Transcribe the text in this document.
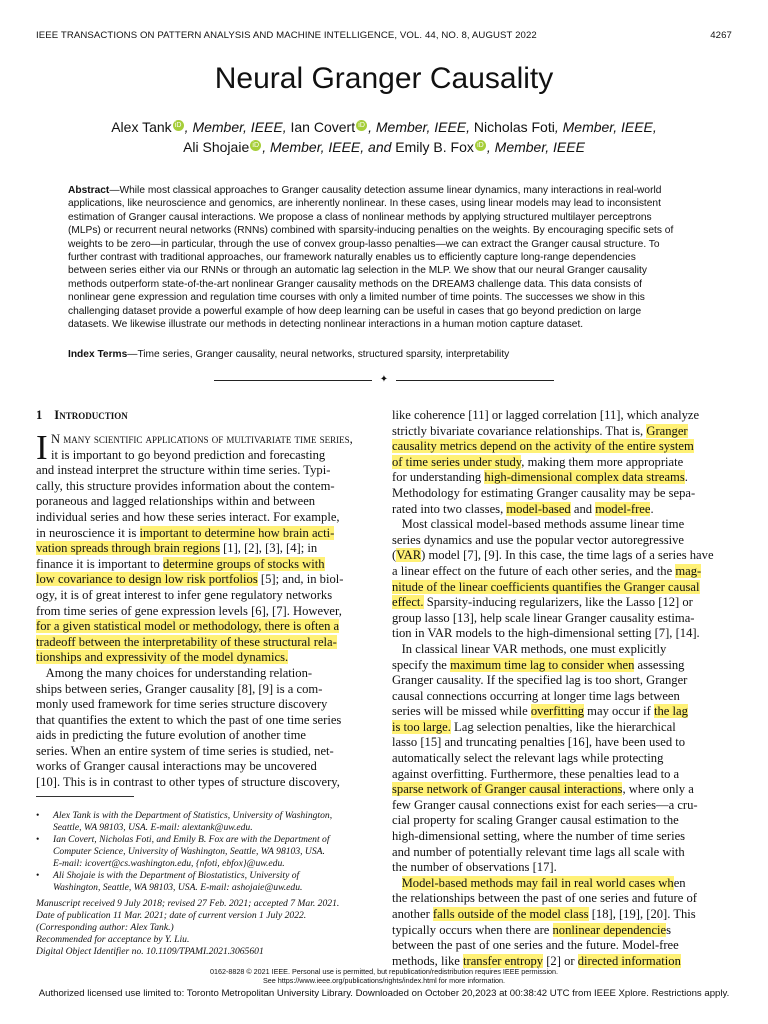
IEEE TRANSACTIONS ON PATTERN ANALYSIS AND MACHINE INTELLIGENCE, VOL. 44, NO. 8, AUGUST 2022	4267
Neural Granger Causality
Alex Tank iD , Member, IEEE, Ian Covert iD , Member, IEEE, Nicholas Foti, Member, IEEE,
Ali Shojaie iD , Member, IEEE, and Emily B. Fox iD , Member, IEEE
Abstract—While most classical approaches to Granger causality detection assume linear dynamics, many interactions in real-world
applications, like neuroscience and genomics, are inherently nonlinear. In these cases, using linear models may lead to inconsistent
estimation of Granger causal interactions. We propose a class of nonlinear methods by applying structured multilayer perceptrons
(MLPs) or recurrent neural networks (RNNs) combined with sparsity-inducing penalties on the weights. By encouraging specific sets of
weights to be zero—in particular, through the use of convex group-lasso penalties—we can extract the Granger causal structure. To
further contrast with traditional approaches, our framework naturally enables us to efficiently capture long-range dependencies
between series either via our RNNs or through an automatic lag selection in the MLP. We show that our neural Granger causality
methods outperform state-of-the-art nonlinear Granger causality methods on the DREAM3 challenge data. This data consists of
nonlinear gene expression and regulation time courses with only a limited number of time points. The successes we show in this
challenging dataset provide a powerful example of how deep learning can be useful in cases that go beyond prediction on large
datasets. We likewise illustrate our methods in detecting nonlinear interactions in a human motion capture dataset.
Index Terms—Time series, Granger causality, neural networks, structured sparsity, interpretability
✦
1 Introduction
I N many scientific applications of multivariate time series,
it is important to go beyond prediction and forecasting
and instead interpret the structure within time series. Typi-
cally, this structure provides information about the contem-
poraneous and lagged relationships within and between
individual series and how these series interact. For example,
in neuroscience it is important to determine how brain acti-
vation spreads through brain regions [1], [2], [3], [4]; in
finance it is important to determine groups of stocks with
low covariance to design low risk portfolios [5]; and, in biol-
ogy, it is of great interest to infer gene regulatory networks
from time series of gene expression levels [6], [7]. However,
for a given statistical model or methodology, there is often a
tradeoff between the interpretability of these structural rela-
tionships and expressivity of the model dynamics.
Among the many choices for understanding relation-
ships between series, Granger causality [8], [9] is a com-
monly used framework for time series structure discovery
that quantifies the extent to which the past of one time series
aids in predicting the future evolution of another time
series. When an entire system of time series is studied, net-
works of Granger causal interactions may be uncovered
[10]. This is in contrast to other types of structure discovery,
like coherence [11] or lagged correlation [11], which analyze
strictly bivariate covariance relationships. That is, Granger
causality metrics depend on the activity of the entire system
of time series under study, making them more appropriate
for understanding high-dimensional complex data streams.
Methodology for estimating Granger causality may be sepa-
rated into two classes, model-based and model-free.
Most classical model-based methods assume linear time
series dynamics and use the popular vector autoregressive
(VAR) model [7], [9]. In this case, the time lags of a series have
a linear effect on the future of each other series, and the mag-
nitude of the linear coefficients quantifies the Granger causal
effect. Sparsity-inducing regularizers, like the Lasso [12] or
group lasso [13], help scale linear Granger causality estima-
tion in VAR models to the high-dimensional setting [7], [14].
In classical linear VAR methods, one must explicitly
specify the maximum time lag to consider when assessing
Granger causality. If the specified lag is too short, Granger
causal connections occurring at longer time lags between
series will be missed while overfitting may occur if the lag
is too large. Lag selection penalties, like the hierarchical
lasso [15] and truncating penalties [16], have been used to
automatically select the relevant lags while protecting
against overfitting. Furthermore, these penalties lead to a
sparse network of Granger causal interactions, where only a
few Granger causal connections exist for each series—a cru-
cial property for scaling Granger causal estimation to the
high-dimensional setting, where the number of time series
and number of potentially relevant time lags all scale with
the number of observations [17].
Model-based methods may fail in real world cases when
the relationships between the past of one series and future of
another falls outside of the model class [18], [19], [20]. This
typically occurs when there are nonlinear dependencies
between the past of one series and the future. Model-free
methods, like transfer entropy [2] or directed information
• Alex Tank is with the Department of Statistics, University of Washington,
Seattle, WA 98103, USA. E-mail: alextank@uw.edu.
• Ian Covert, Nicholas Foti, and Emily B. Fox are with the Department of
Computer Science, University of Washington, Seattle, WA 98103, USA.
E-mail: icovert@cs.washington.edu, {nfoti, ebfox}@uw.edu.
• Ali Shojaie is with the Department of Biostatistics, University of
Washington, Seattle, WA 98103, USA. E-mail: ashojaie@uw.edu.
Manuscript received 9 July 2018; revised 27 Feb. 2021; accepted 7 Mar. 2021.
Date of publication 11 Mar. 2021; date of current version 1 July 2022.
(Corresponding author: Alex Tank.)
Recommended for acceptance by Y. Liu.
Digital Object Identifier no. 10.1109/TPAMI.2021.3065601
0162-8828 © 2021 IEEE. Personal use is permitted, but republication/redistribution requires IEEE permission.
See https://www.ieee.org/publications/rights/index.html for more information.
Authorized licensed use limited to: Toronto Metropolitan University Library. Downloaded on October 20,2023 at 00:38:42 UTC from IEEE Xplore. Restrictions apply.
